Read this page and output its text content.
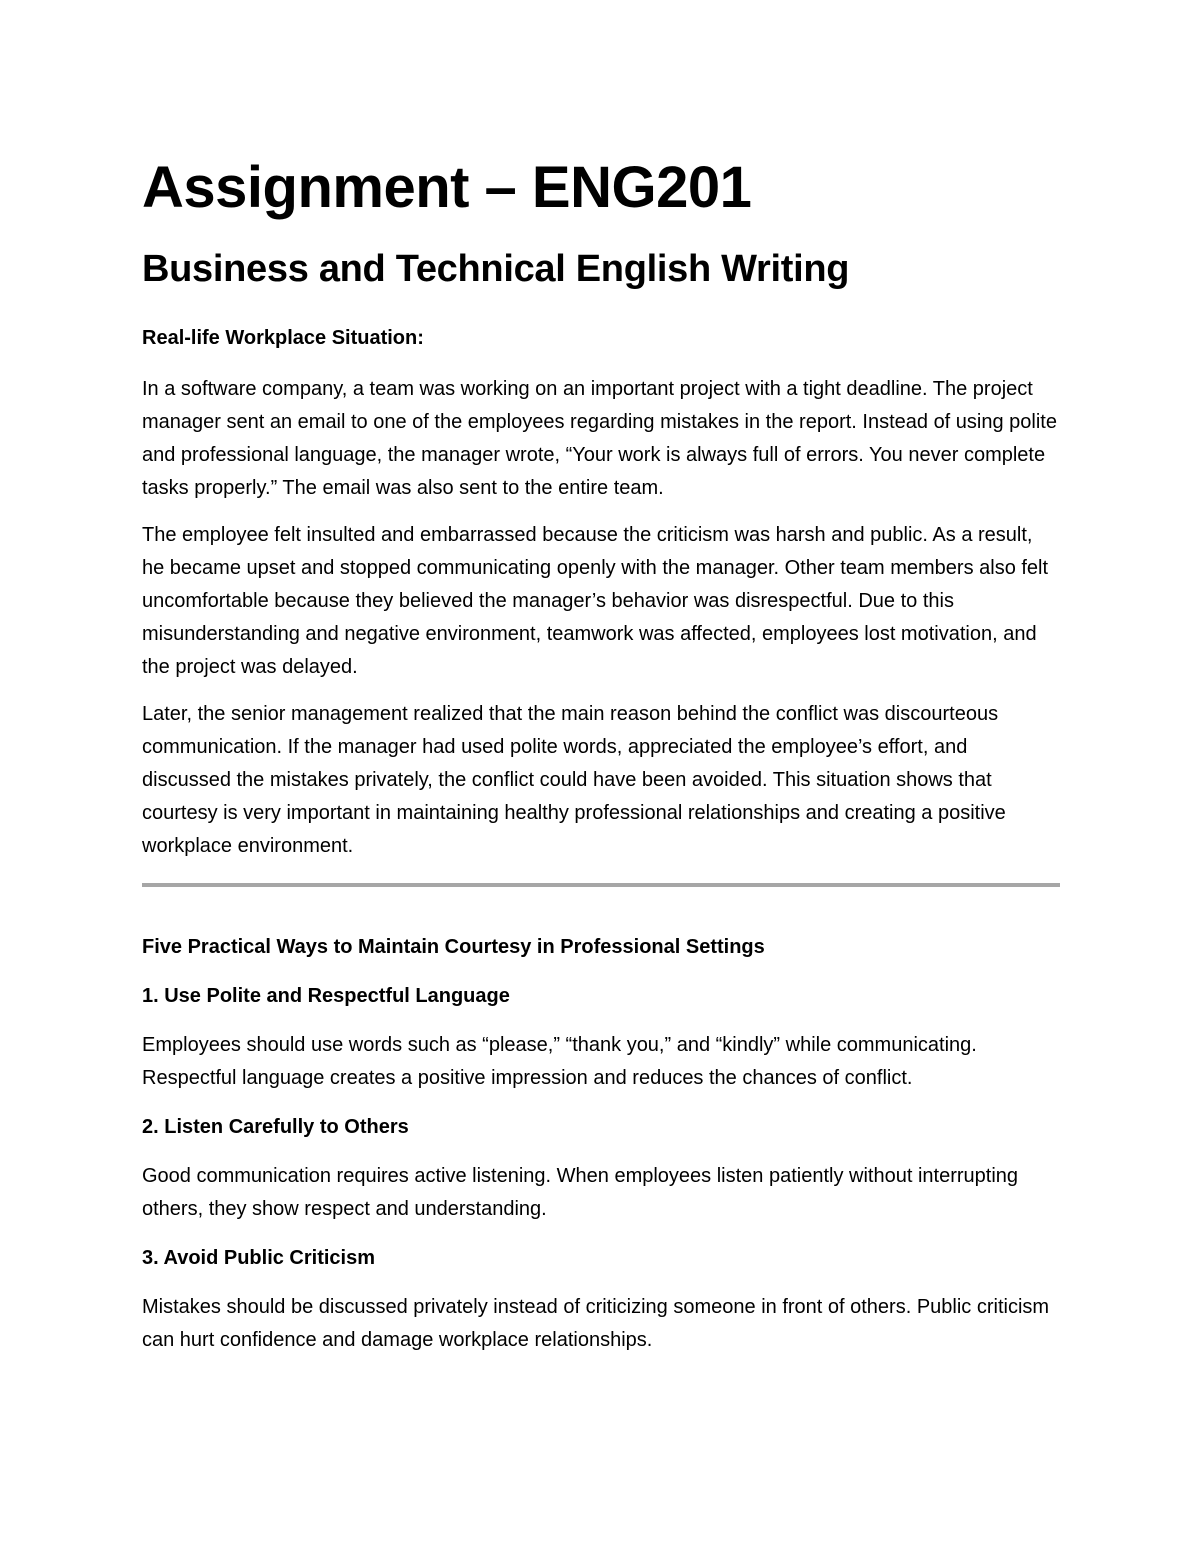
Assignment – ENG201
Business and Technical English Writing
Real-life Workplace Situation:

In a software company, a team was working on an important project with a tight deadline. The project manager sent an email to one of the employees regarding mistakes in the report. Instead of using polite and professional language, the manager wrote, “Your work is always full of errors. You never complete tasks properly.” The email was also sent to the entire team.

The employee felt insulted and embarrassed because the criticism was harsh and public. As a result, he became upset and stopped communicating openly with the manager. Other team members also felt uncomfortable because they believed the manager’s behavior was disrespectful. Due to this misunderstanding and negative environment, teamwork was affected, employees lost motivation, and the project was delayed.

Later, the senior management realized that the main reason behind the conflict was discourteous communication. If the manager had used polite words, appreciated the employee’s effort, and discussed the mistakes privately, the conflict could have been avoided. This situation shows that courtesy is very important in maintaining healthy professional relationships and creating a positive workplace environment.

Five Practical Ways to Maintain Courtesy in Professional Settings
1. Use Polite and Respectful Language
Employees should use words such as “please,” “thank you,” and “kindly” while communicating. Respectful language creates a positive impression and reduces the chances of conflict.
2. Listen Carefully to Others
Good communication requires active listening. When employees listen patiently without interrupting others, they show respect and understanding.
3. Avoid Public Criticism
Mistakes should be discussed privately instead of criticizing someone in front of others. Public criticism can hurt confidence and damage workplace relationships.
